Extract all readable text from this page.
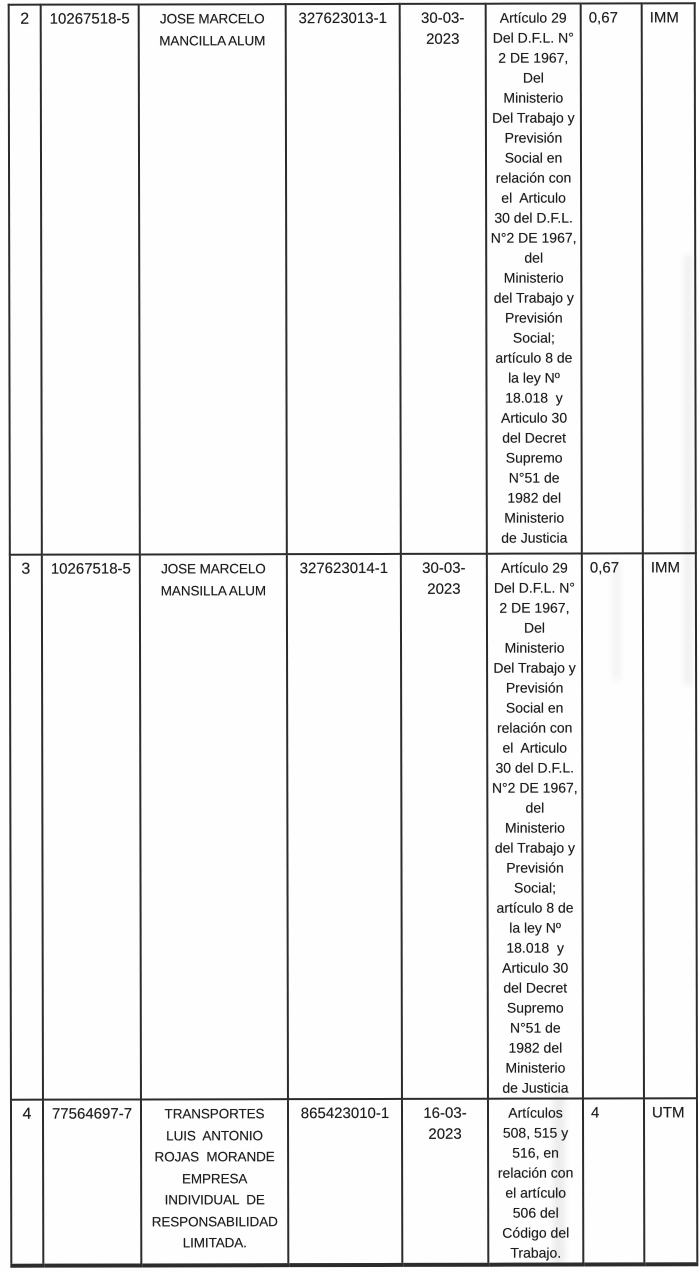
2	10267518-5	JOSE MARCELO
MANCILLA ALUM	327623013-1	30-03-
2023	Artículo 29
Del D.F.L. N°
2 DE 1967,
Del
Ministerio
Del Trabajo y
Previsión
Social en
relación con
el  Articulo
30 del D.F.L.
N°2 DE 1967,
del
Ministerio
del Trabajo y
Previsión
Social;
artículo 8 de
la ley Nº
18.018  y
Articulo 30
del Decret
Supremo
N°51 de
1982 del
Ministerio
de Justicia	0,67	IMM
3	10267518-5	JOSE MARCELO
MANSILLA ALUM	327623014-1	30-03-
2023	Artículo 29
Del D.F.L. N°
2 DE 1967,
Del
Ministerio
Del Trabajo y
Previsión
Social en
relación con
el  Articulo
30 del D.F.L.
N°2 DE 1967,
del
Ministerio
del Trabajo y
Previsión
Social;
artículo 8 de
la ley Nº
18.018  y
Articulo 30
del Decret
Supremo
N°51 de
1982 del
Ministerio
de Justicia	0,67	IMM
4	77564697-7	TRANSPORTES
LUIS  ANTONIO
ROJAS  MORANDE
EMPRESA
INDIVIDUAL  DE
RESPONSABILIDAD
LIMITADA.	865423010-1	16-03-
2023	Artículos
508, 515 y
516, en
relación con
el artículo
506 del
Código del
Trabajo.	4	UTM
